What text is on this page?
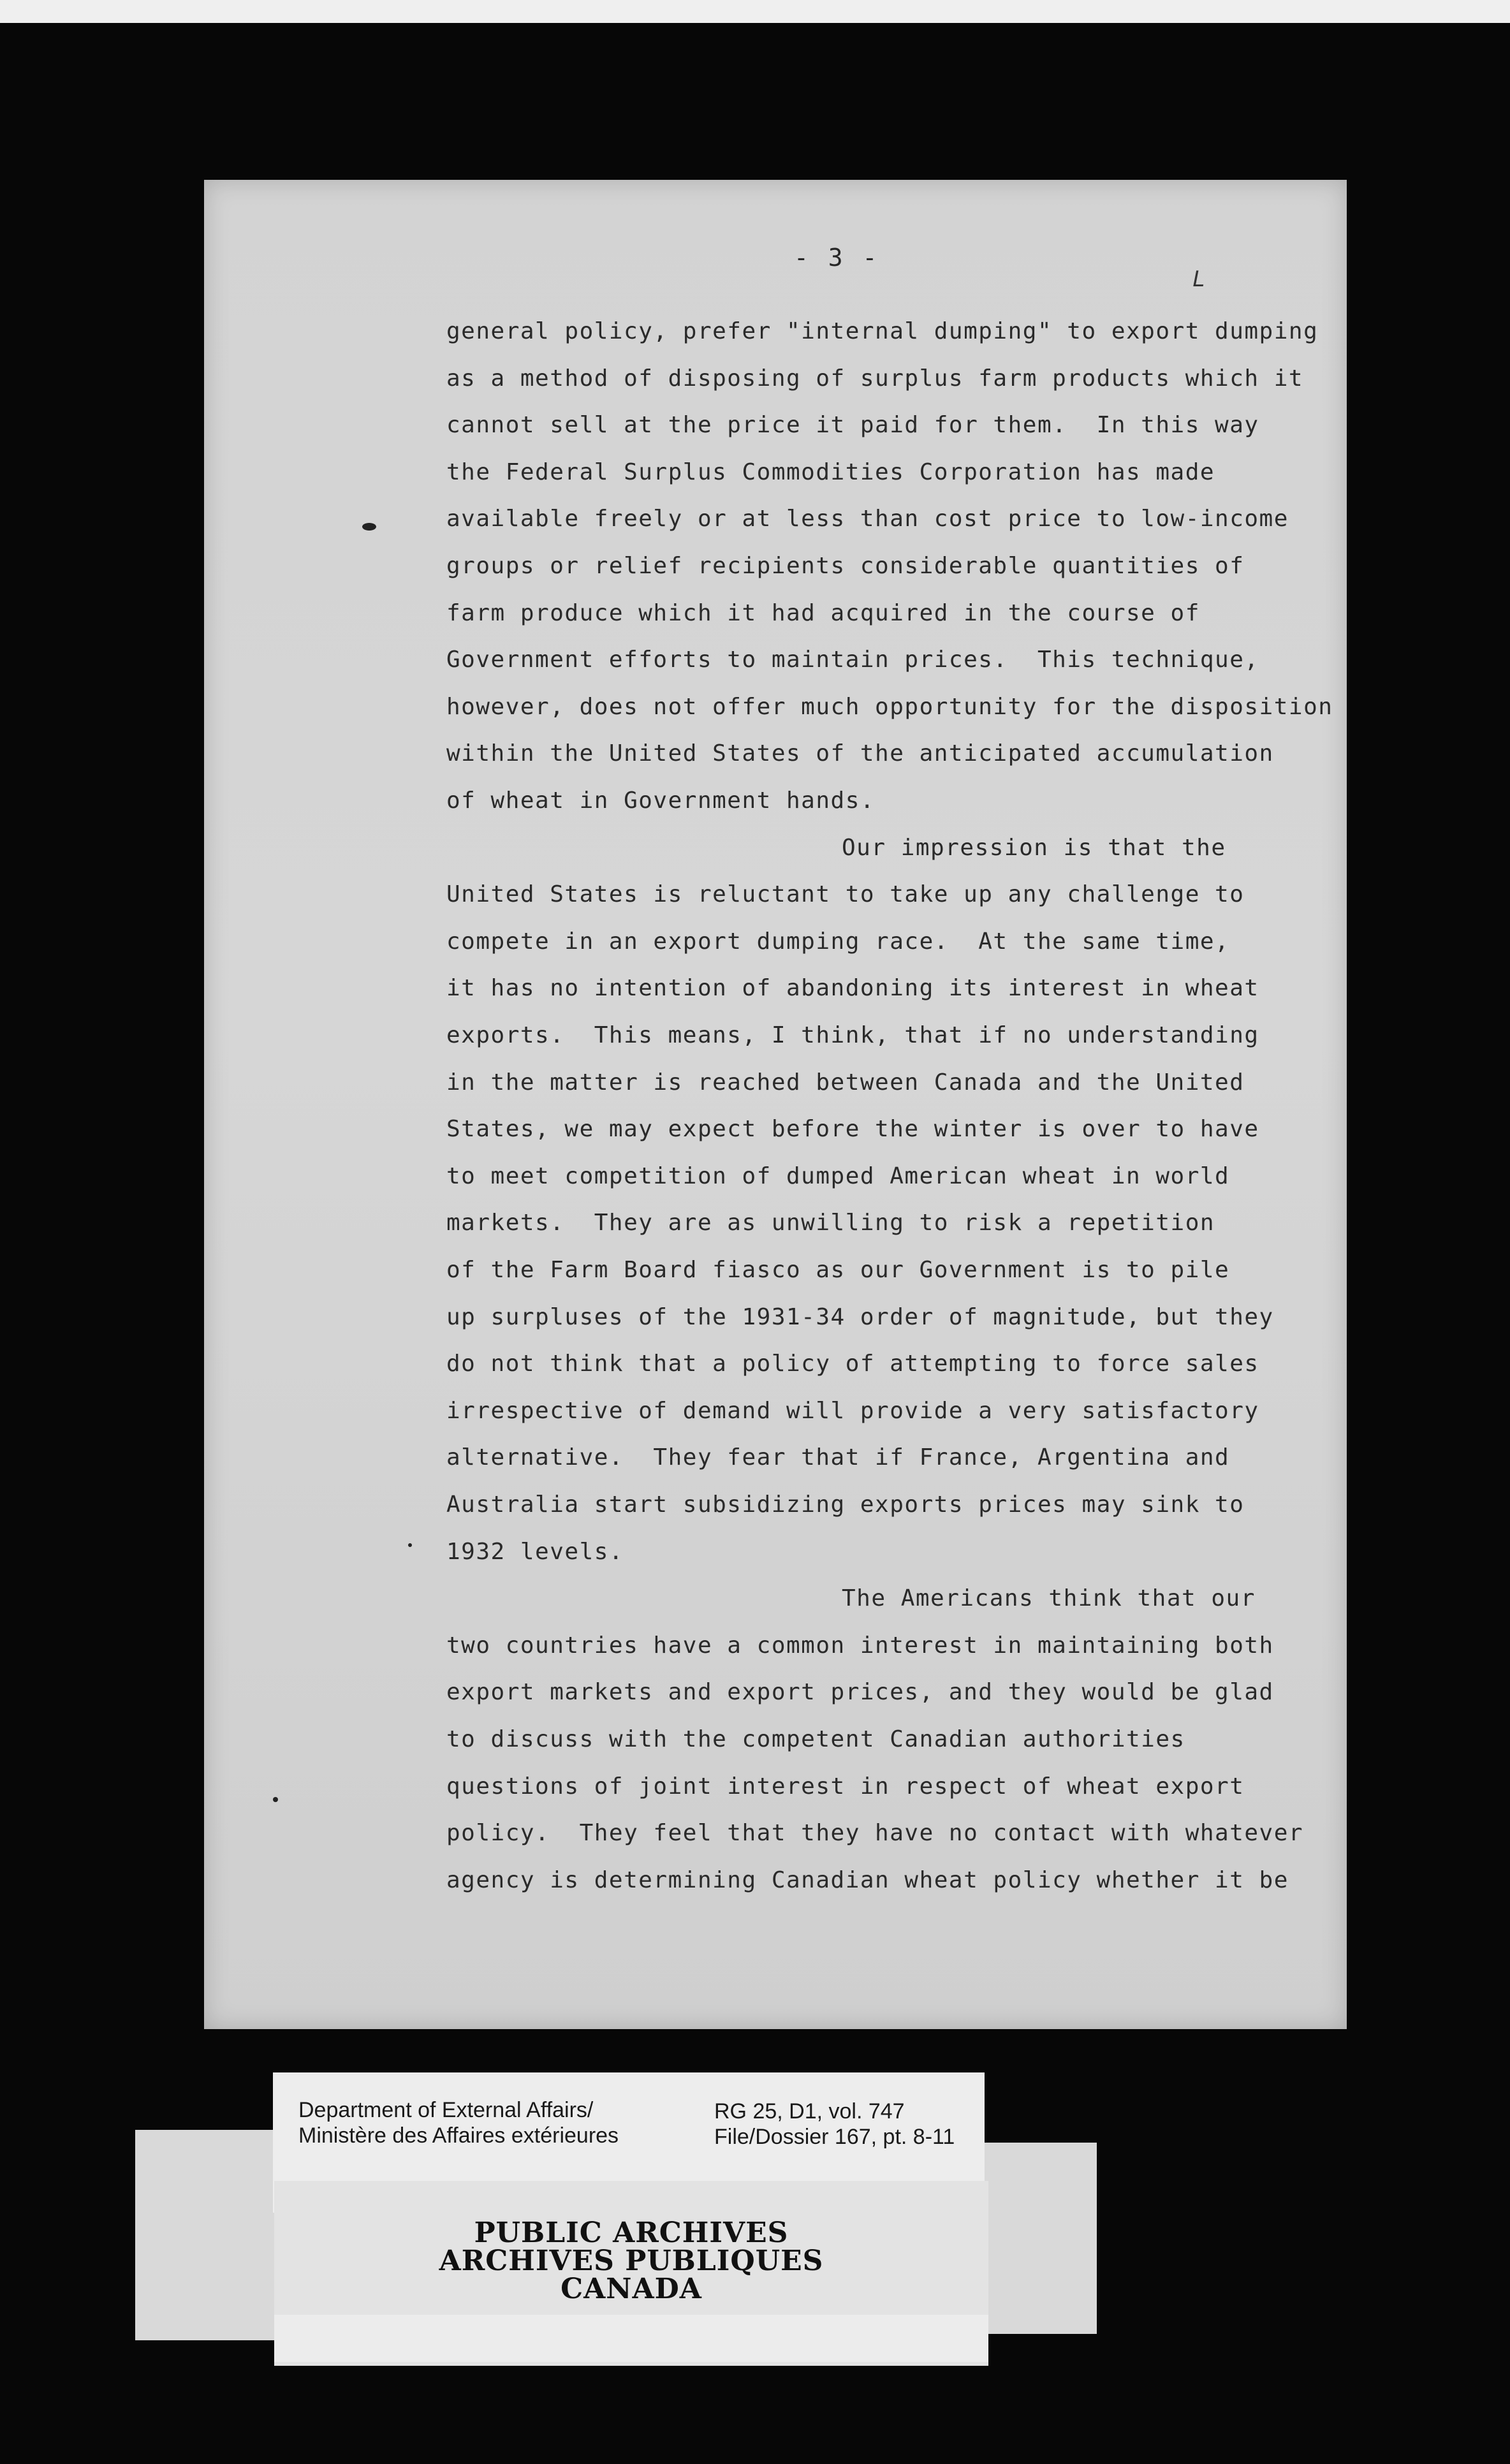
- 3 -
L
general policy, prefer "internal dumping" to export dumping
as a method of disposing of surplus farm products which it
cannot sell at the price it paid for them.  In this way
the Federal Surplus Commodities Corporation has made
available freely or at less than cost price to low-income
groups or relief recipients considerable quantities of
farm produce which it had acquired in the course of
Government efforts to maintain prices.  This technique,
however, does not offer much opportunity for the disposition
within the United States of the anticipated accumulation
of wheat in Government hands.
Our impression is that the
United States is reluctant to take up any challenge to
compete in an export dumping race.  At the same time,
it has no intention of abandoning its interest in wheat
exports.  This means, I think, that if no understanding
in the matter is reached between Canada and the United
States, we may expect before the winter is over to have
to meet competition of dumped American wheat in world
markets.  They are as unwilling to risk a repetition
of the Farm Board fiasco as our Government is to pile
up surpluses of the 1931-34 order of magnitude, but they
do not think that a policy of attempting to force sales
irrespective of demand will provide a very satisfactory
alternative.  They fear that if France, Argentina and
Australia start subsidizing exports prices may sink to
1932 levels.
The Americans think that our
two countries have a common interest in maintaining both
export markets and export prices, and they would be glad
to discuss with the competent Canadian authorities
questions of joint interest in respect of wheat export
policy.  They feel that they have no contact with whatever
agency is determining Canadian wheat policy whether it be
Department of External Affairs/
Ministère des Affaires extérieures
RG 25, D1, vol. 747
File/Dossier 167, pt. 8-11
PUBLIC ARCHIVES
ARCHIVES PUBLIQUES
CANADA
